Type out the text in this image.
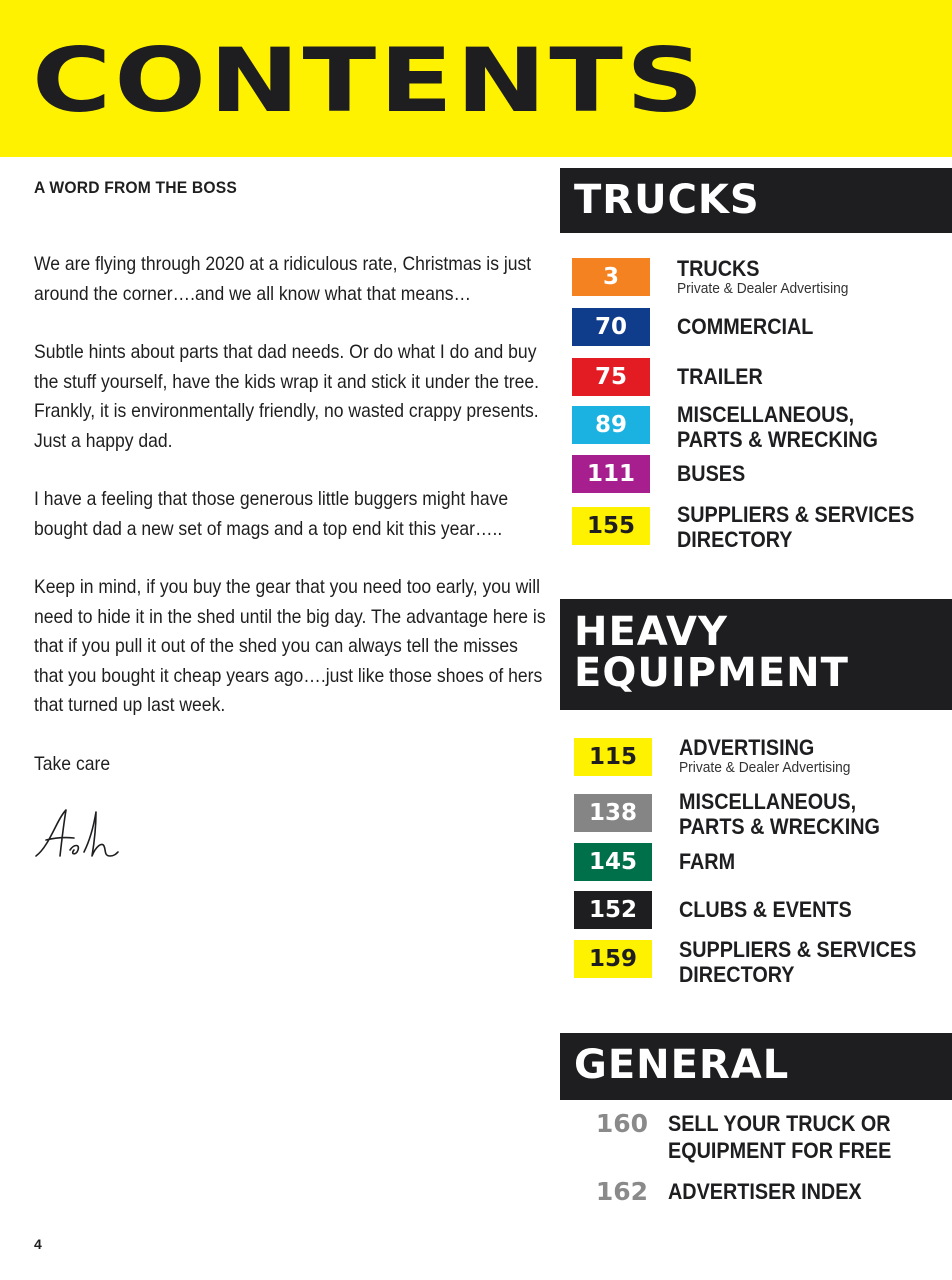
CONTENTS
A WORD FROM THE BOSS

We are flying through 2020 at a ridiculous rate, Christmas is just around the corner….and we all know what that means…

Subtle hints about parts that dad needs. Or do what I do and buy the stuff yourself, have the kids wrap it and stick it under the tree. Frankly, it is environmentally friendly, no wasted crappy presents. Just a happy dad.

I have a feeling that those generous little buggers might have bought dad a new set of mags and a top end kit this year…..

Keep in mind, if you buy the gear that you need too early, you will need to hide it in the shed until the big day. The advantage here is that if you pull it out of the shed you can always tell the misses that you bought it cheap years ago….just like those shoes of hers that turned up last week.

Take care

TRUCKS
3	TRUCKS
Private & Dealer Advertising
70	COMMERCIAL
75	TRAILER
89	MISCELLANEOUS,
PARTS & WRECKING
111	BUSES
155	SUPPLIERS & SERVICES
DIRECTORY
HEAVY
EQUIPMENT
115	ADVERTISING
Private & Dealer Advertising
138	MISCELLANEOUS,
PARTS & WRECKING
145	FARM
152	CLUBS & EVENTS
159	SUPPLIERS & SERVICES
DIRECTORY
GENERAL
160 SELL YOUR TRUCK OR
EQUIPMENT FOR FREE
162 ADVERTISER INDEX
4
